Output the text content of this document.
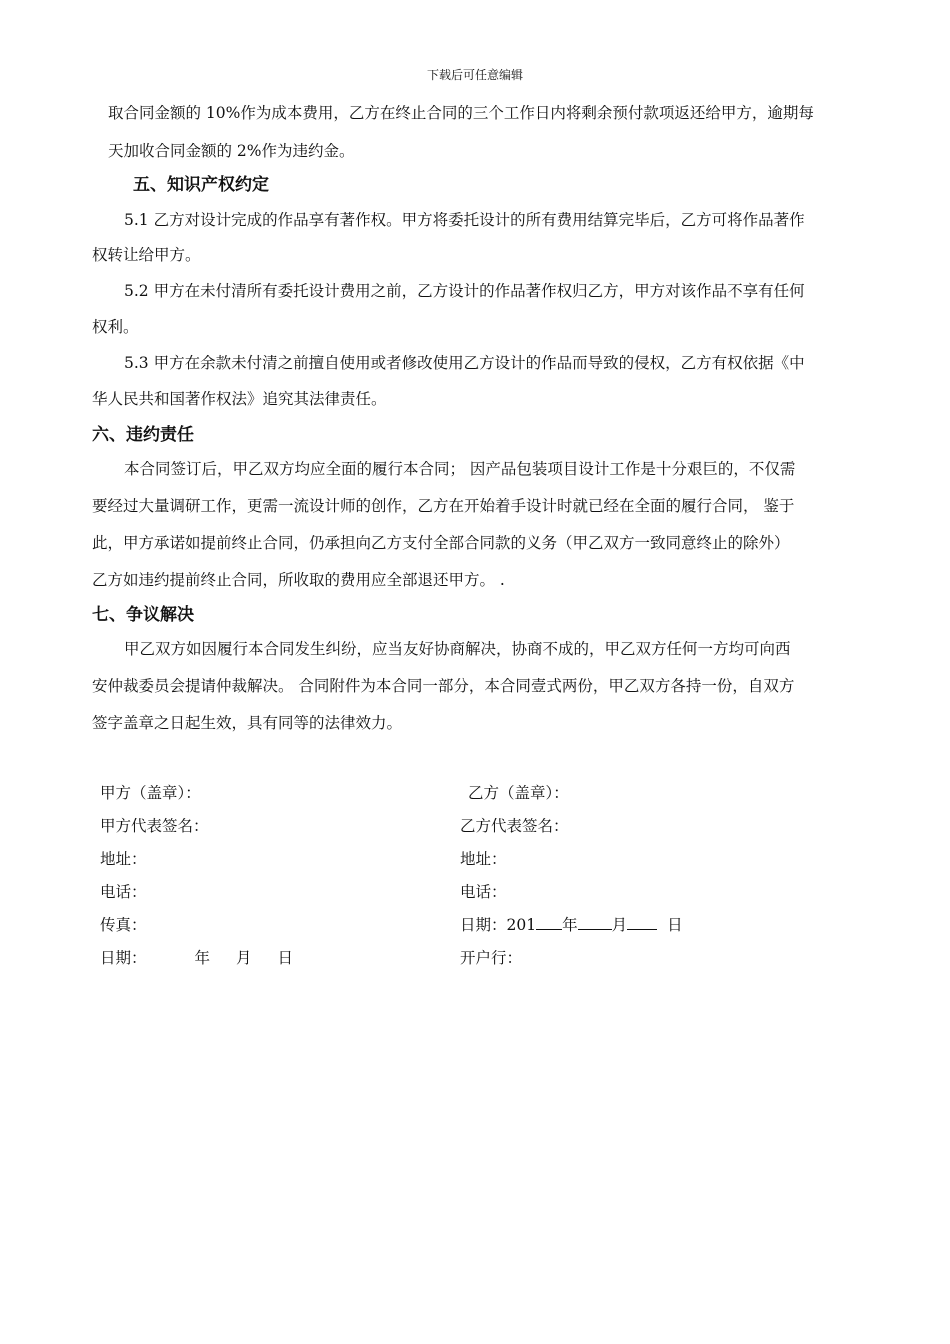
下载后可任意编辑
取合同金额的 10%作为成本费用，乙方在终止合同的三个工作日内将剩余预付款项返还给甲方，逾期每
天加收合同金额的 2%作为违约金。
五、知识产权约定
5.1 乙方对设计完成的作品享有著作权。甲方将委托设计的所有费用结算完毕后，乙方可将作品著作
权转让给甲方。
5.2 甲方在未付清所有委托设计费用之前，乙方设计的作品著作权归乙方，甲方对该作品不享有任何
权利。
5.3 甲方在余款未付清之前擅自使用或者修改使用乙方设计的作品而导致的侵权，乙方有权依据《中
华人民共和国著作权法》追究其法律责任。
六、违约责任
本合同签订后，甲乙双方均应全面的履行本合同； 因产品包装项目设计工作是十分艰巨的，不仅需
要经过大量调研工作，更需一流设计师的创作，乙方在开始着手设计时就已经在全面的履行合同， 鉴于
此，甲方承诺如提前终止合同，仍承担向乙方支付全部合同款的义务（甲乙双方一致同意终止的除外）
乙方如违约提前终止合同，所收取的费用应全部退还甲方。 .
七、争议解决
甲乙双方如因履行本合同发生纠纷，应当友好协商解决，协商不成的，甲乙双方任何一方均可向西
安仲裁委员会提请仲裁解决。 合同附件为本合同一部分，本合同壹式两份，甲乙双方各持一份，自双方
签字盖章之日起生效，具有同等的法律效力。
甲方（盖章）：
甲方代表签名：
地址：
电话：
传真：
日期：	年 月 日
乙方（盖章）：
乙方代表签名：
地址：
电话：
日期：201 年 月	日
开户行：
